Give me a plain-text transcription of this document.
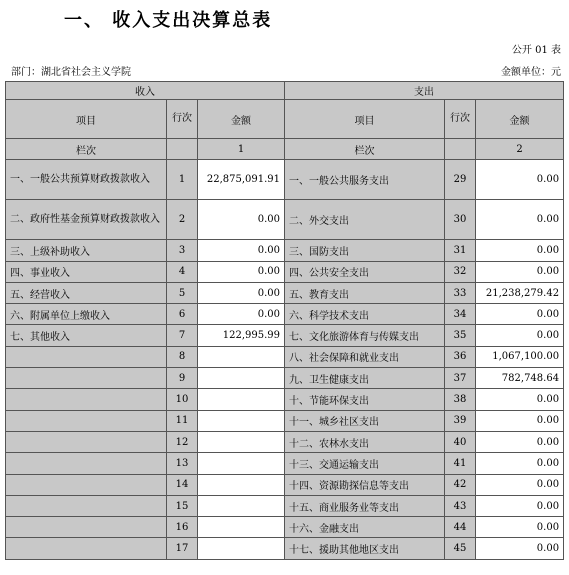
一、 收入支出决算总表
公开 01 表
部门：湖北省社会主义学院	金额单位：元
收入			支出		
项目	行次	金额	项目	行次	金额
栏次		1	栏次		2
一、一般公共预算财政拨款收入	1	22,875,091.91	一、一般公共服务支出	29	0.00
二、政府性基金预算财政拨款收入	2	0.00	二、外交支出	30	0.00
三、上级补助收入	3	0.00	三、国防支出	31	0.00
四、事业收入	4	0.00	四、公共安全支出	32	0.00
五、经营收入	5	0.00	五、教育支出	33	21,238,279.42
六、附属单位上缴收入	6	0.00	六、科学技术支出	34	0.00
七、其他收入	7	122,995.99	七、文化旅游体育与传媒支出	35	0.00
	8		八、社会保障和就业支出	36	1,067,100.00
	9		九、卫生健康支出	37	782,748.64
	10		十、节能环保支出	38	0.00
	11		十一、城乡社区支出	39	0.00
	12		十二、农林水支出	40	0.00
	13		十三、交通运输支出	41	0.00
	14		十四、资源勘探信息等支出	42	0.00
	15		十五、商业服务业等支出	43	0.00
	16		十六、金融支出	44	0.00
	17		十七、援助其他地区支出	45	0.00
